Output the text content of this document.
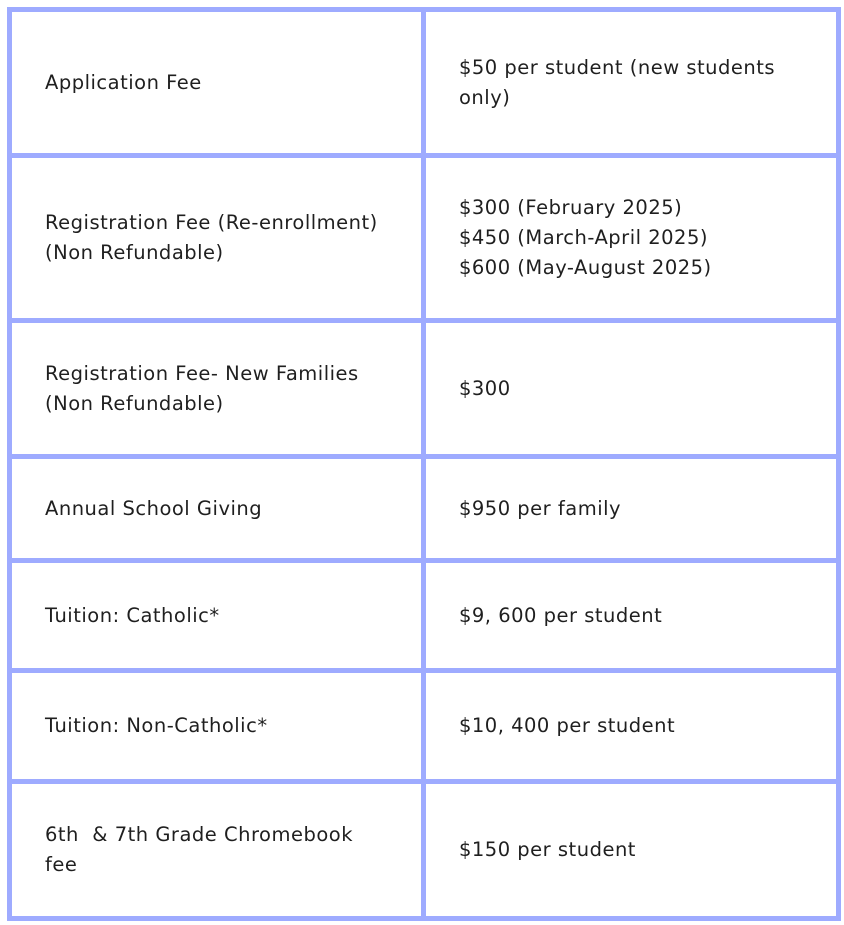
Application Fee	$50 per student (new students
only)

Registration Fee (Re-enrollment)
(Non Refundable)	$300 (February 2025)
$450 (March-April 2025)
$600 (May-August 2025)

Registration Fee- New Families
(Non Refundable)	$300

Annual School Giving	$950 per family

Tuition: Catholic*	$9, 600 per student

Tuition: Non-Catholic*	$10, 400 per student

6th  & 7th Grade Chromebook
fee	$150 per student
